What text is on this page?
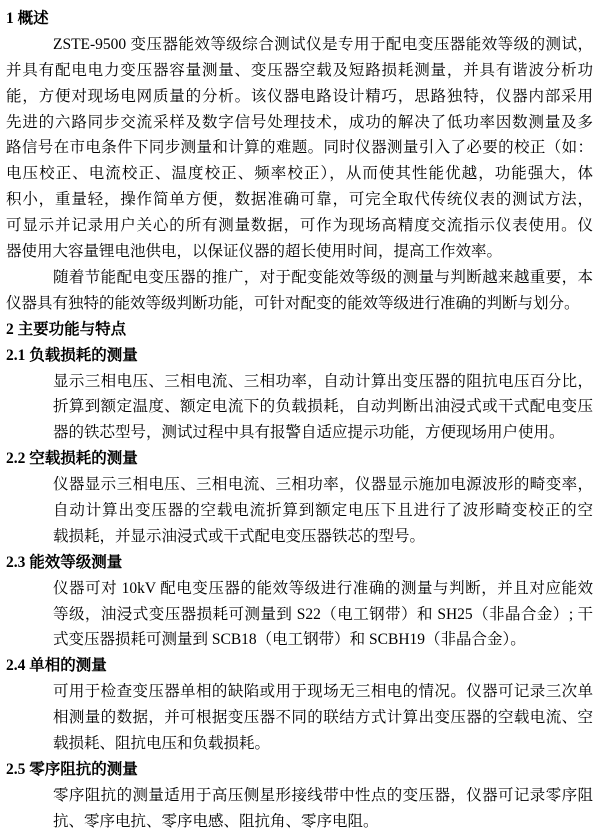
1 概述
ZSTE-9500 变压器能效等级综合测试仪是专用于配电变压器能效等级的测试，
并具有配电电力变压器容量测量、变压器空载及短路损耗测量，并具有谐波分析功
能，方便对现场电网质量的分析。该仪器电路设计精巧，思路独特，仪器内部采用
先进的六路同步交流采样及数字信号处理技术，成功的解决了低功率因数测量及多
路信号在市电条件下同步测量和计算的难题。同时仪器测量引入了必要的校正（如：
电压校正、电流校正、温度校正、频率校正），从而使其性能优越，功能强大，体
积小，重量轻，操作简单方便，数据准确可靠，可完全取代传统仪表的测试方法，
可显示并记录用户关心的所有测量数据，可作为现场高精度交流指示仪表使用。仪
器使用大容量锂电池供电，以保证仪器的超长使用时间，提高工作效率。
随着节能配电变压器的推广，对于配变能效等级的测量与判断越来越重要，本
仪器具有独特的能效等级判断功能，可针对配变的能效等级进行准确的判断与划分。
2 主要功能与特点
2.1 负载损耗的测量
显示三相电压、三相电流、三相功率，自动计算出变压器的阻抗电压百分比，
折算到额定温度、额定电流下的负载损耗，自动判断出油浸式或干式配电变压
器的铁芯型号，测试过程中具有报警自适应提示功能，方便现场用户使用。
2.2 空载损耗的测量
仪器显示三相电压、三相电流、三相功率，仪器显示施加电源波形的畸变率，
自动计算出变压器的空载电流折算到额定电压下且进行了波形畸变校正的空
载损耗，并显示油浸式或干式配电变压器铁芯的型号。
2.3 能效等级测量
仪器可对 10kV 配电变压器的能效等级进行准确的测量与判断，并且对应能效
等级，油浸式变压器损耗可测量到 S22（电工钢带）和 SH25（非晶合金）; 干
式变压器损耗可测量到 SCB18（电工钢带）和 SCBH19（非晶合金）。
2.4 单相的测量
可用于检查变压器单相的缺陷或用于现场无三相电的情况。仪器可记录三次单
相测量的数据，并可根据变压器不同的联结方式计算出变压器的空载电流、空
载损耗、阻抗电压和负载损耗。
2.5 零序阻抗的测量
零序阻抗的测量适用于高压侧星形接线带中性点的变压器，仪器可记录零序阻
抗、零序电抗、零序电感、阻抗角、零序电阻。
